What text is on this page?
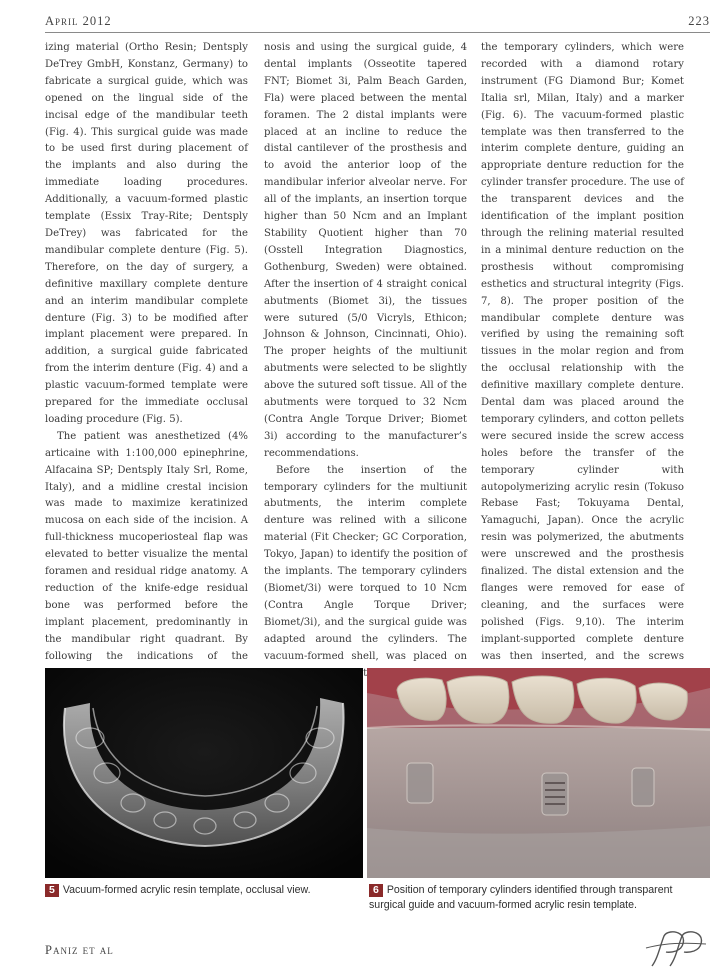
April 2012	223

izing material (Ortho Resin; Dentsply DeTrey GmbH, Konstanz, Germany) to fabricate a surgical guide, which was opened on the lingual side of the incisal edge of the mandibular teeth (Fig. 4). This surgical guide was made to be used first during placement of the implants and also during the immediate loading procedures. Additionally, a vacuum-formed plastic template (Essix Tray-Rite; Dentsply DeTrey) was fabricated for the mandibular complete denture (Fig. 5). Therefore, on the day of surgery, a definitive maxillary complete denture and an interim mandibular complete denture (Fig. 3) to be modified after implant placement were prepared. In addition, a surgical guide fabricated from the interim denture (Fig. 4) and a plastic vacuum-formed template were prepared for the immediate occlusal loading procedure (Fig. 5).

The patient was anesthetized (4% articaine with 1:100,000 epinephrine, Alfacaina SP; Dentsply Italy Srl, Rome, Italy), and a midline crestal incision was made to maximize keratinized mucosa on each side of the incision. A full-thickness mucoperiosteal flap was elevated to better visualize the mental foramen and residual ridge anatomy. A reduction of the knife-edge residual bone was performed before the implant placement, predominantly in the mandibular right quadrant. By following the indications of the

nosis and using the surgical guide, 4 dental implants (Osseotite tapered FNT; Biomet 3i, Palm Beach Garden, Fla) were placed between the mental foramen. The 2 distal implants were placed at an incline to reduce the distal cantilever of the prosthesis and to avoid the anterior loop of the mandibular inferior alveolar nerve. For all of the implants, an insertion torque higher than 50 Ncm and an Implant Stability Quotient higher than 70 (Osstell Integration Diagnostics, Gothenburg, Sweden) were obtained. After the insertion of 4 straight conical abutments (Biomet 3i), the tissues were sutured (5/0 Vicryls, Ethicon; Johnson & Johnson, Cincinnati, Ohio). The proper heights of the multiunit abutments were selected to be slightly above the sutured soft tissue. All of the abutments were torqued to 32 Ncm (Contra Angle Torque Driver; Biomet 3i) according to the manufacturer’s recommendations.

Before the insertion of the temporary cylinders for the multiunit abutments, the interim complete denture was relined with a silicone material (Fit Checker; GC Corporation, Tokyo, Japan) to identify the position of the implants. The temporary cylinders (Biomet/3i) were torqued to 10 Ncm (Contra Angle Torque Driver; Biomet/3i), and the surgical guide was adapted around the cylinders. The vacuum-formed shell, was placed on

the temporary cylinders, which were recorded with a diamond rotary instrument (FG Diamond Bur; Komet Italia srl, Milan, Italy) and a marker (Fig. 6). The vacuum-formed plastic template was then transferred to the interim complete denture, guiding an appropriate denture reduction for the cylinder transfer procedure. The use of the transparent devices and the identification of the implant position through the relining material resulted in a minimal denture reduction on the prosthesis without compromising esthetics and structural integrity (Figs. 7, 8). The proper position of the mandibular complete denture was verified by using the remaining soft tissues in the molar region and from the occlusal relationship with the definitive maxillary complete denture. Dental dam was placed around the temporary cylinders, and cotton pellets were secured inside the screw access holes before the transfer of the temporary cylinder with autopolymerizing acrylic resin (Tokuso Rebase Fast; Tokuyama Dental, Yamaguchi, Japan). Once the acrylic resin was polymerized, the abutments were unscrewed and the prosthesis finalized. The distal extension and the flanges were removed for ease of cleaning, and the surfaces were polished (Figs. 9,10). The interim implant-supported complete denture was then inserted, and the screws

5 Vacuum-formed acrylic resin template, occlusal view.	6 Position of temporary cylinders identified through transparent surgical guide and vacuum-formed acrylic resin template.
Paniz et al
